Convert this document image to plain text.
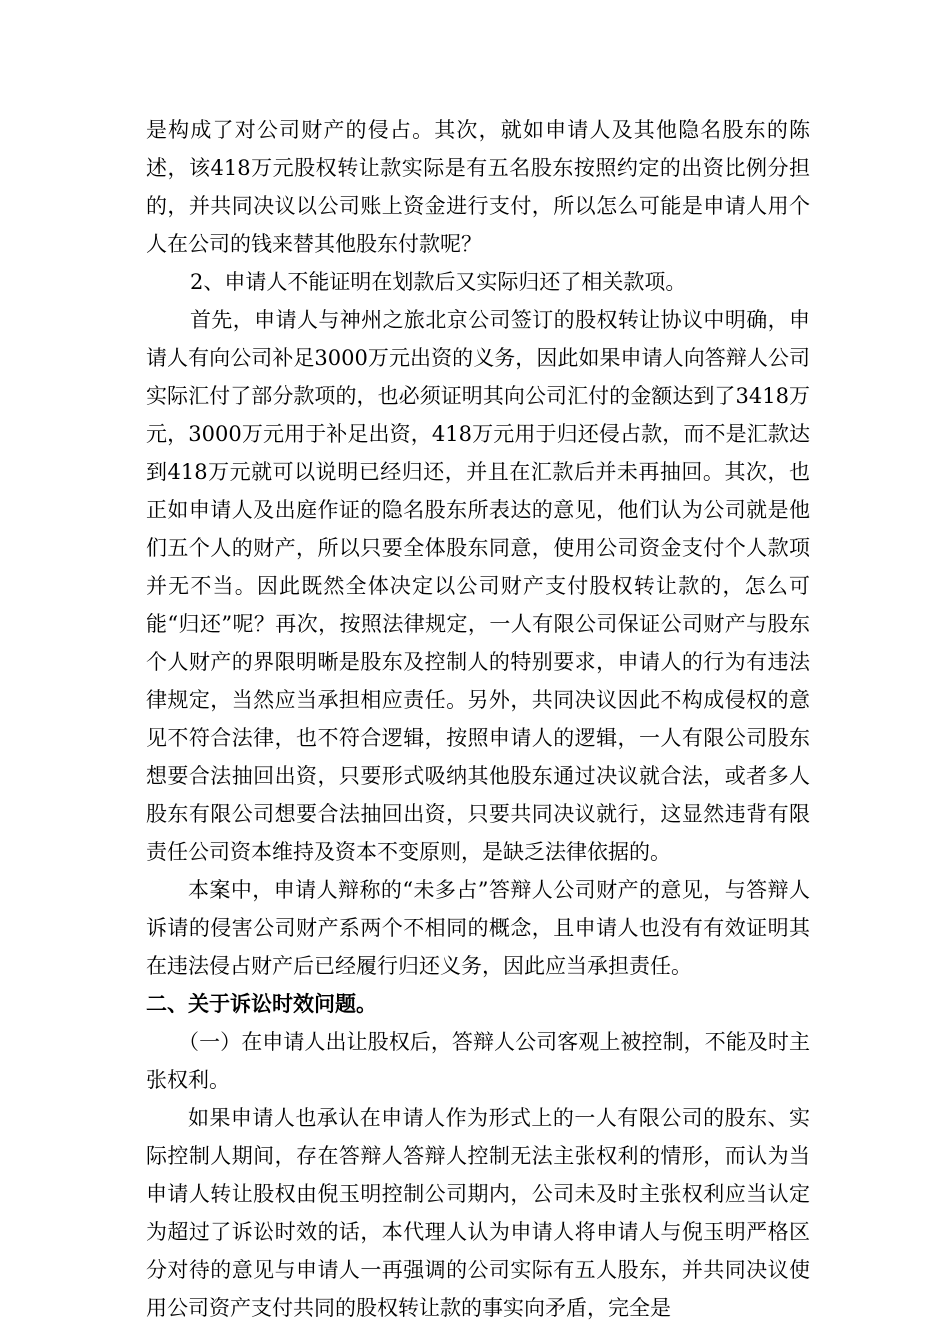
是构成了对公司财产的侵占。其次，就如申请人及其他隐名股东的陈述，该418万元股权转让款实际是有五名股东按照约定的出资比例分担的，并共同决议以公司账上资金进行支付，所以怎么可能是申请人用个人在公司的钱来替其他股东付款呢？

2、申请人不能证明在划款后又实际归还了相关款项。

首先，申请人与神州之旅北京公司签订的股权转让协议中明确，申请人有向公司补足3000万元出资的义务，因此如果申请人向答辩人公司实际汇付了部分款项的，也必须证明其向公司汇付的金额达到了3418万元，3000万元用于补足出资，418万元用于归还侵占款，而不是汇款达到418万元就可以说明已经归还，并且在汇款后并未再抽回。其次，也正如申请人及出庭作证的隐名股东所表达的意见，他们认为公司就是他们五个人的财产，所以只要全体股东同意，使用公司资金支付个人款项并无不当。因此既然全体决定以公司财产支付股权转让款的，怎么可能“归还”呢？再次，按照法律规定，一人有限公司保证公司财产与股东个人财产的界限明晰是股东及控制人的特别要求，申请人的行为有违法律规定，当然应当承担相应责任。另外，共同决议因此不构成侵权的意见不符合法律，也不符合逻辑，按照申请人的逻辑，一人有限公司股东想要合法抽回出资，只要形式吸纳其他股东通过决议就合法，或者多人股东有限公司想要合法抽回出资，只要共同决议就行，这显然违背有限责任公司资本维持及资本不变原则，是缺乏法律依据的。

本案中，申请人辩称的“未多占”答辩人公司财产的意见，与答辩人诉请的侵害公司财产系两个不相同的概念，且申请人也没有有效证明其在违法侵占财产后已经履行归还义务，因此应当承担责任。

二、关于诉讼时效问题。

（一）在申请人出让股权后，答辩人公司客观上被控制，不能及时主张权利。

如果申请人也承认在申请人作为形式上的一人有限公司的股东、实际控制人期间，存在答辩人答辩人控制无法主张权利的情形，而认为当申请人转让股权由倪玉明控制公司期内，公司未及时主张权利应当认定为超过了诉讼时效的话，本代理人认为申请人将申请人与倪玉明严格区分对待的意见与申请人一再强调的公司实际有五人股东，并共同决议使用公司资产支付共同的股权转让款的事实向矛盾，完全是
